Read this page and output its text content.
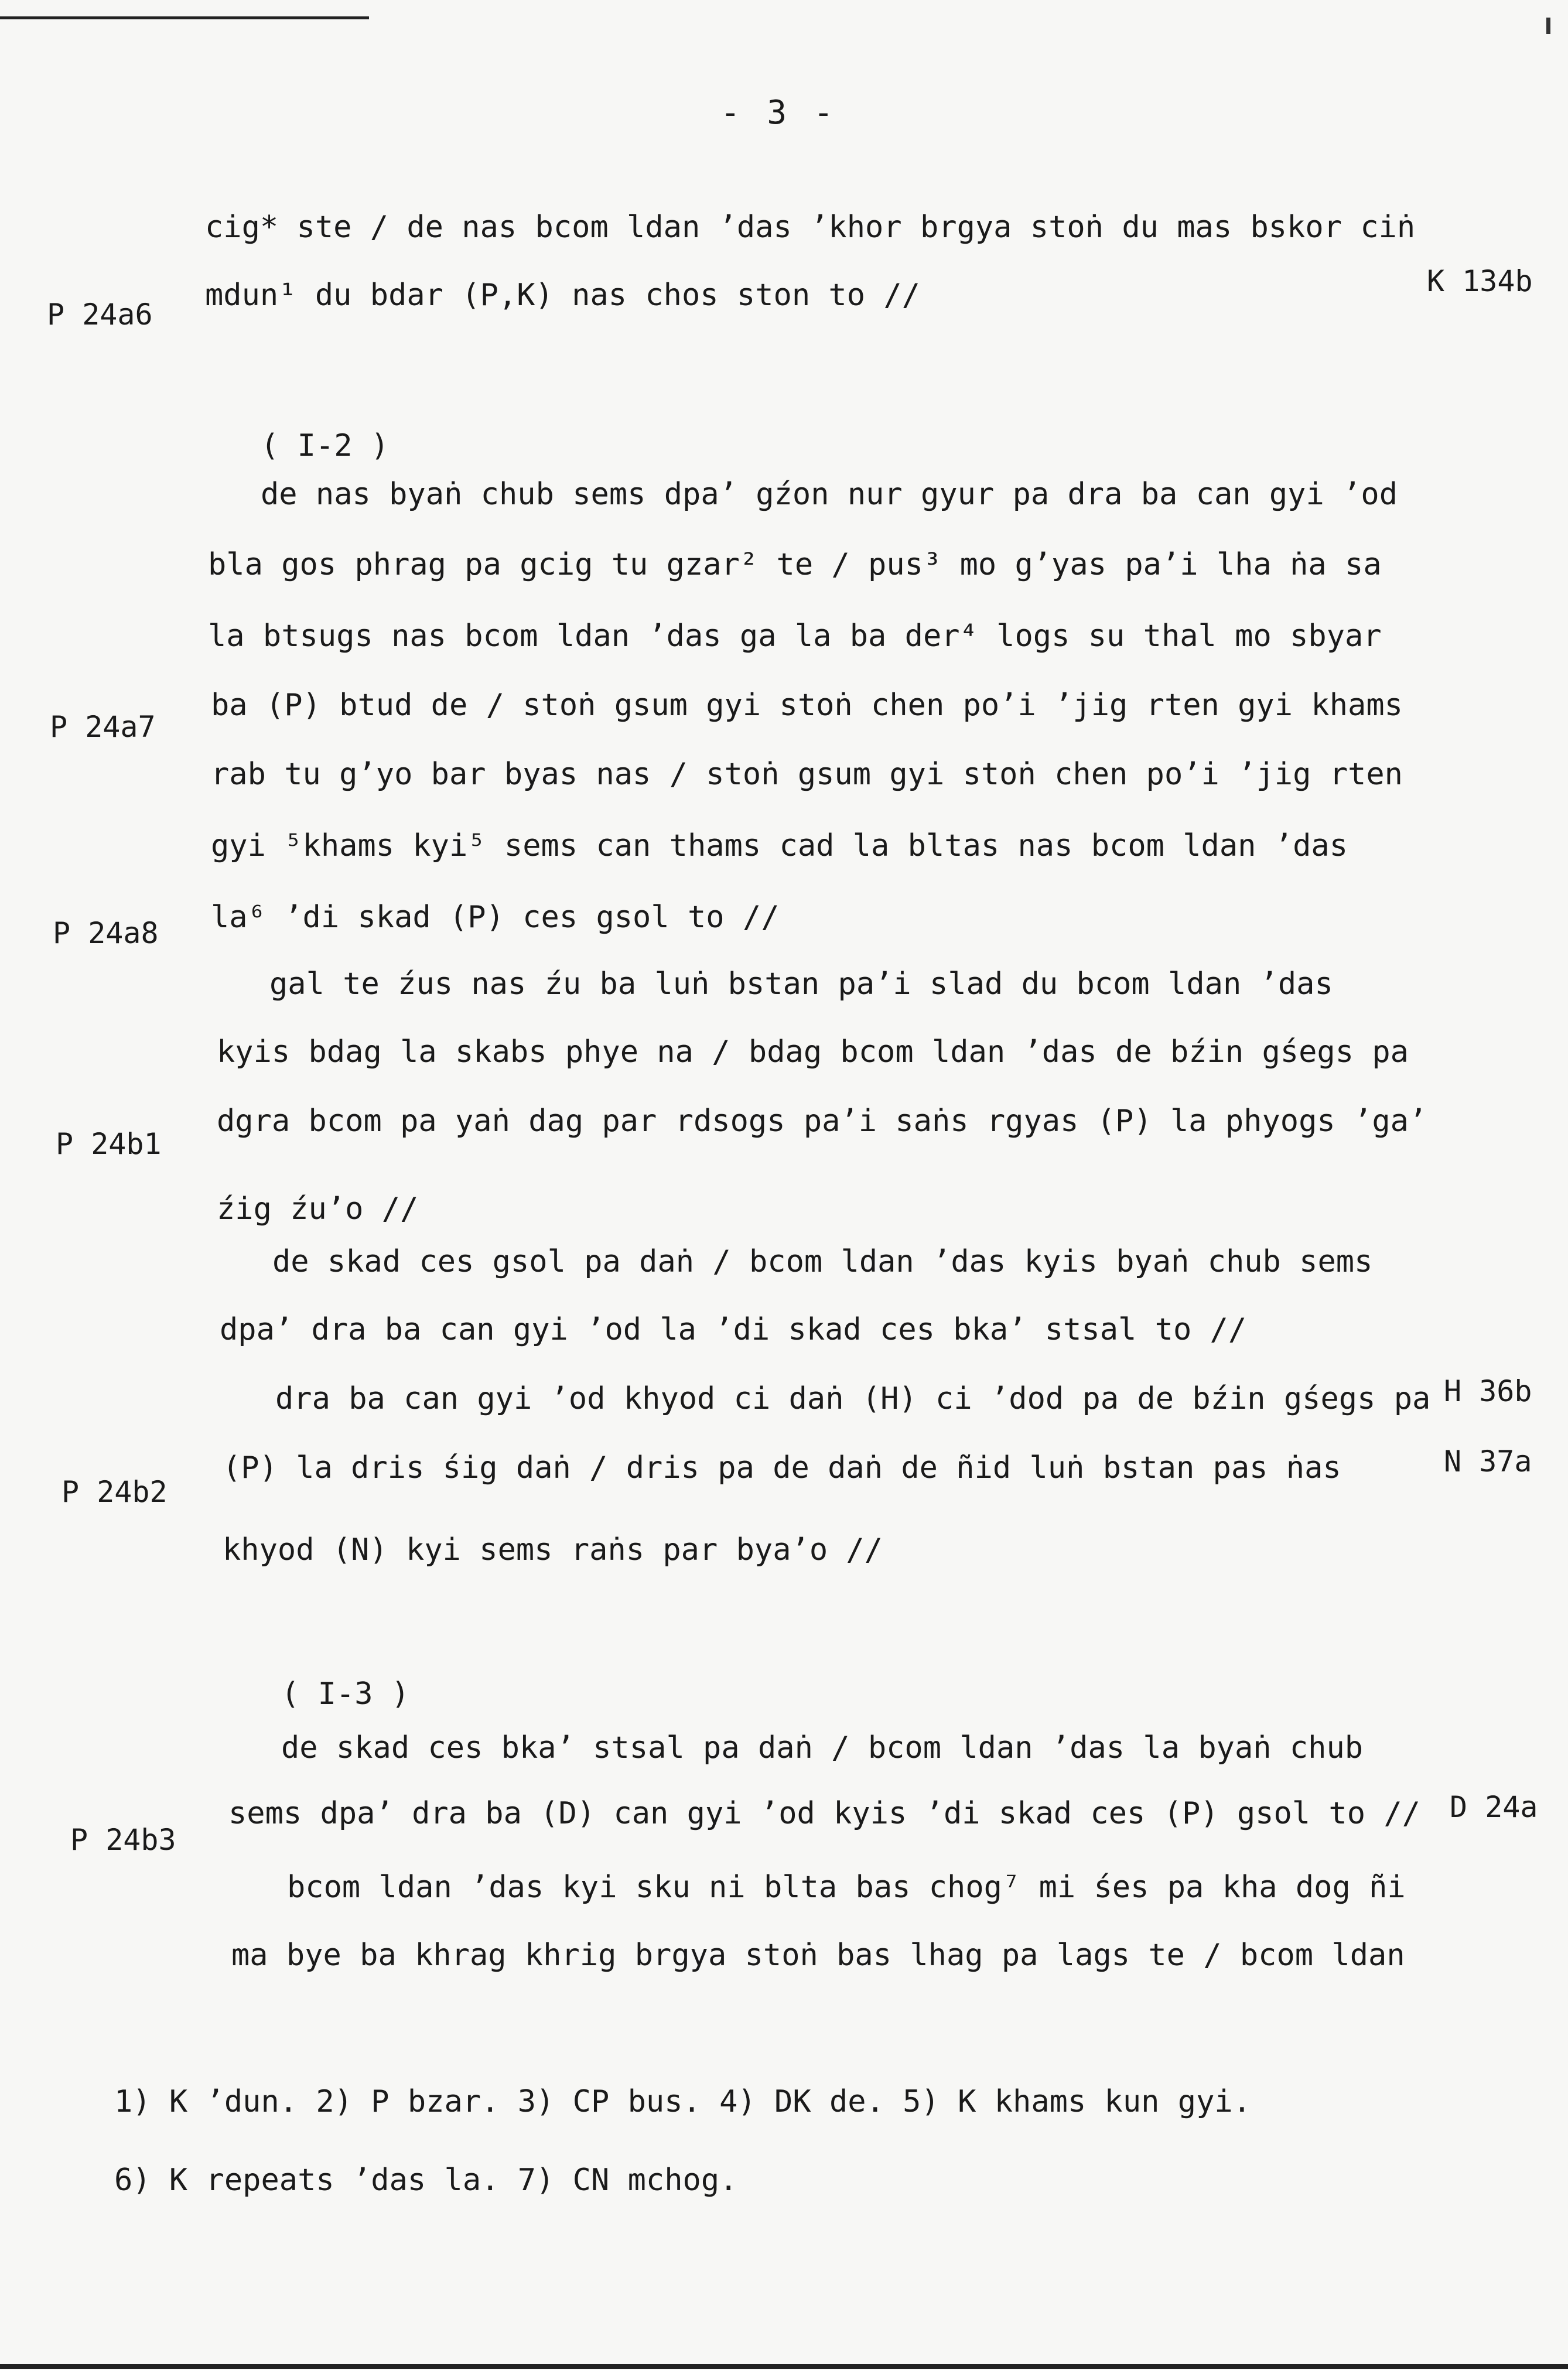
- 3 -
cig* ste / de nas bcom ldan ʼdas ʼkhor brgya stoṅ du mas bskor ciṅ
P 24a6
mdun¹ du bdar (P,K) nas chos ston to //	K 134b
( I-2 )
de nas byaṅ chub sems dpaʼ gźon nur gyur pa dra ba can gyi ʼod
bla gos phrag pa gcig tu gzar² te / pus³ mo gʼyas paʼi lha ṅa sa
la btsugs nas bcom ldan ʼdas ga la ba der⁴ logs su thal mo sbyar
P 24a7
ba (P) btud de / stoṅ gsum gyi stoṅ chen poʼi ʼjig rten gyi khams
rab tu gʼyo bar byas nas / stoṅ gsum gyi stoṅ chen poʼi ʼjig rten
gyi ⁵khams kyi⁵ sems can thams cad la bltas nas bcom ldan ʼdas
P 24a8 la⁶ ʼdi skad (P) ces gsol to //
gal te źus nas źu ba luṅ bstan paʼi slad du bcom ldan ʼdas
kyis bdag la skabs phye na / bdag bcom ldan ʼdas de bźin gśegs pa
P 24b1
dgra bcom pa yaṅ dag par rdsogs paʼi saṅs rgyas (P) la phyogs ʼgaʼ
źig źuʼo //
de skad ces gsol pa daṅ / bcom ldan ʼdas kyis byaṅ chub sems
dpaʼ dra ba can gyi ʼod la ʼdi skad ces bkaʼ stsal to //
dra ba can gyi ʼod khyod ci daṅ (H) ci ʼdod pa de bźin gśegs pa H 36b
P 24b2
(P) la dris śig daṅ / dris pa de daṅ de ñid luṅ bstan pas ṅas	N 37a
khyod (N) kyi sems raṅs par byaʼo //
( I-3 )
de skad ces bkaʼ stsal pa daṅ / bcom ldan ʼdas la byaṅ chub
P 24b3
sems dpaʼ dra ba (D) can gyi ʼod kyis ʼdi skad ces (P) gsol to // D 24a
bcom ldan ʼdas kyi sku ni blta bas chog⁷ mi śes pa kha dog ñi
ma bye ba khrag khrig brgya stoṅ bas lhag pa lags te / bcom ldan
1) K ʼdun. 2) P bzar. 3) CP bus. 4) DK de. 5) K khams kun gyi.
6) K repeats ʼdas la. 7) CN mchog.
